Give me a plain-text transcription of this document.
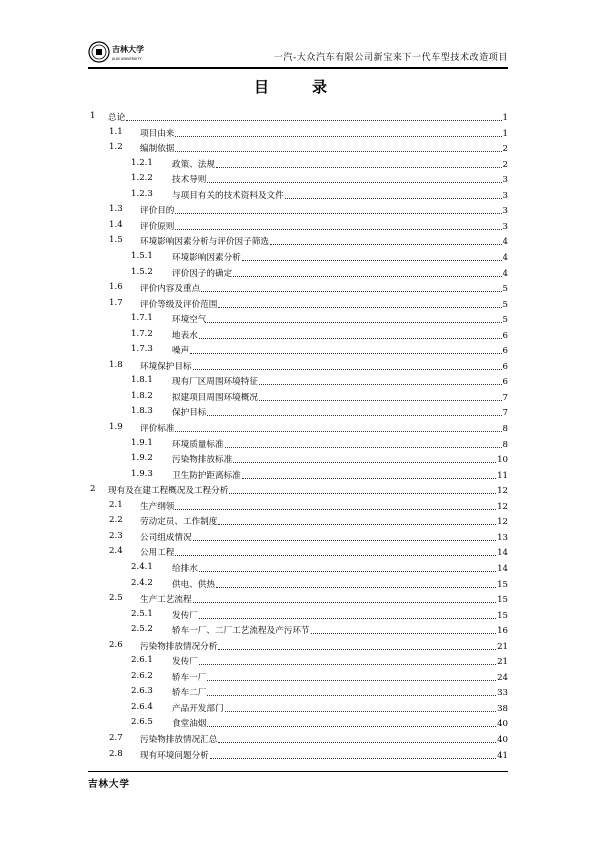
吉林大学
JILIN UNIVERSITY	一汽-大众汽车有限公司新宝来下一代车型技术改造项目
目　录
1 总论	1
1.1 项目由来	1
1.2 编制依据	2
1.2.1 政策、法规	2
1.2.2 技术导则	3
1.2.3 与项目有关的技术资料及文件	3
1.3 评价目的	3
1.4 评价原则	3
1.5 环境影响因素分析与评价因子筛选	4
1.5.1 环境影响因素分析	4
1.5.2 评价因子的确定	4
1.6 评价内容及重点	5
1.7 评价等级及评价范围	5
1.7.1 环境空气	5
1.7.2 地表水	6
1.7.3 噪声	6
1.8 环境保护目标	6
1.8.1 现有厂区周围环境特征	6
1.8.2 拟建项目周围环境概况	7
1.8.3 保护目标	7
1.9 评价标准	8
1.9.1 环境质量标准	8
1.9.2 污染物排放标准	10
1.9.3 卫生防护距离标准	11
2 现有及在建工程概况及工程分析	12
2.1 生产纲领	12
2.2 劳动定员、工作制度	12
2.3 公司组成情况	13
2.4 公用工程	14
2.4.1 给排水	14
2.4.2 供电、供热	15
2.5 生产工艺流程	15
2.5.1 发传厂	15
2.5.2 轿车一厂、二厂工艺流程及产污环节	16
2.6 污染物排放情况分析	21
2.6.1 发传厂	21
2.6.2 轿车一厂	24
2.6.3 轿车二厂	33
2.6.4 产品开发部门	38
2.6.5 食堂油烟	40
2.7 污染物排放情况汇总	40
2.8 现有环境问题分析	41
吉林大学
